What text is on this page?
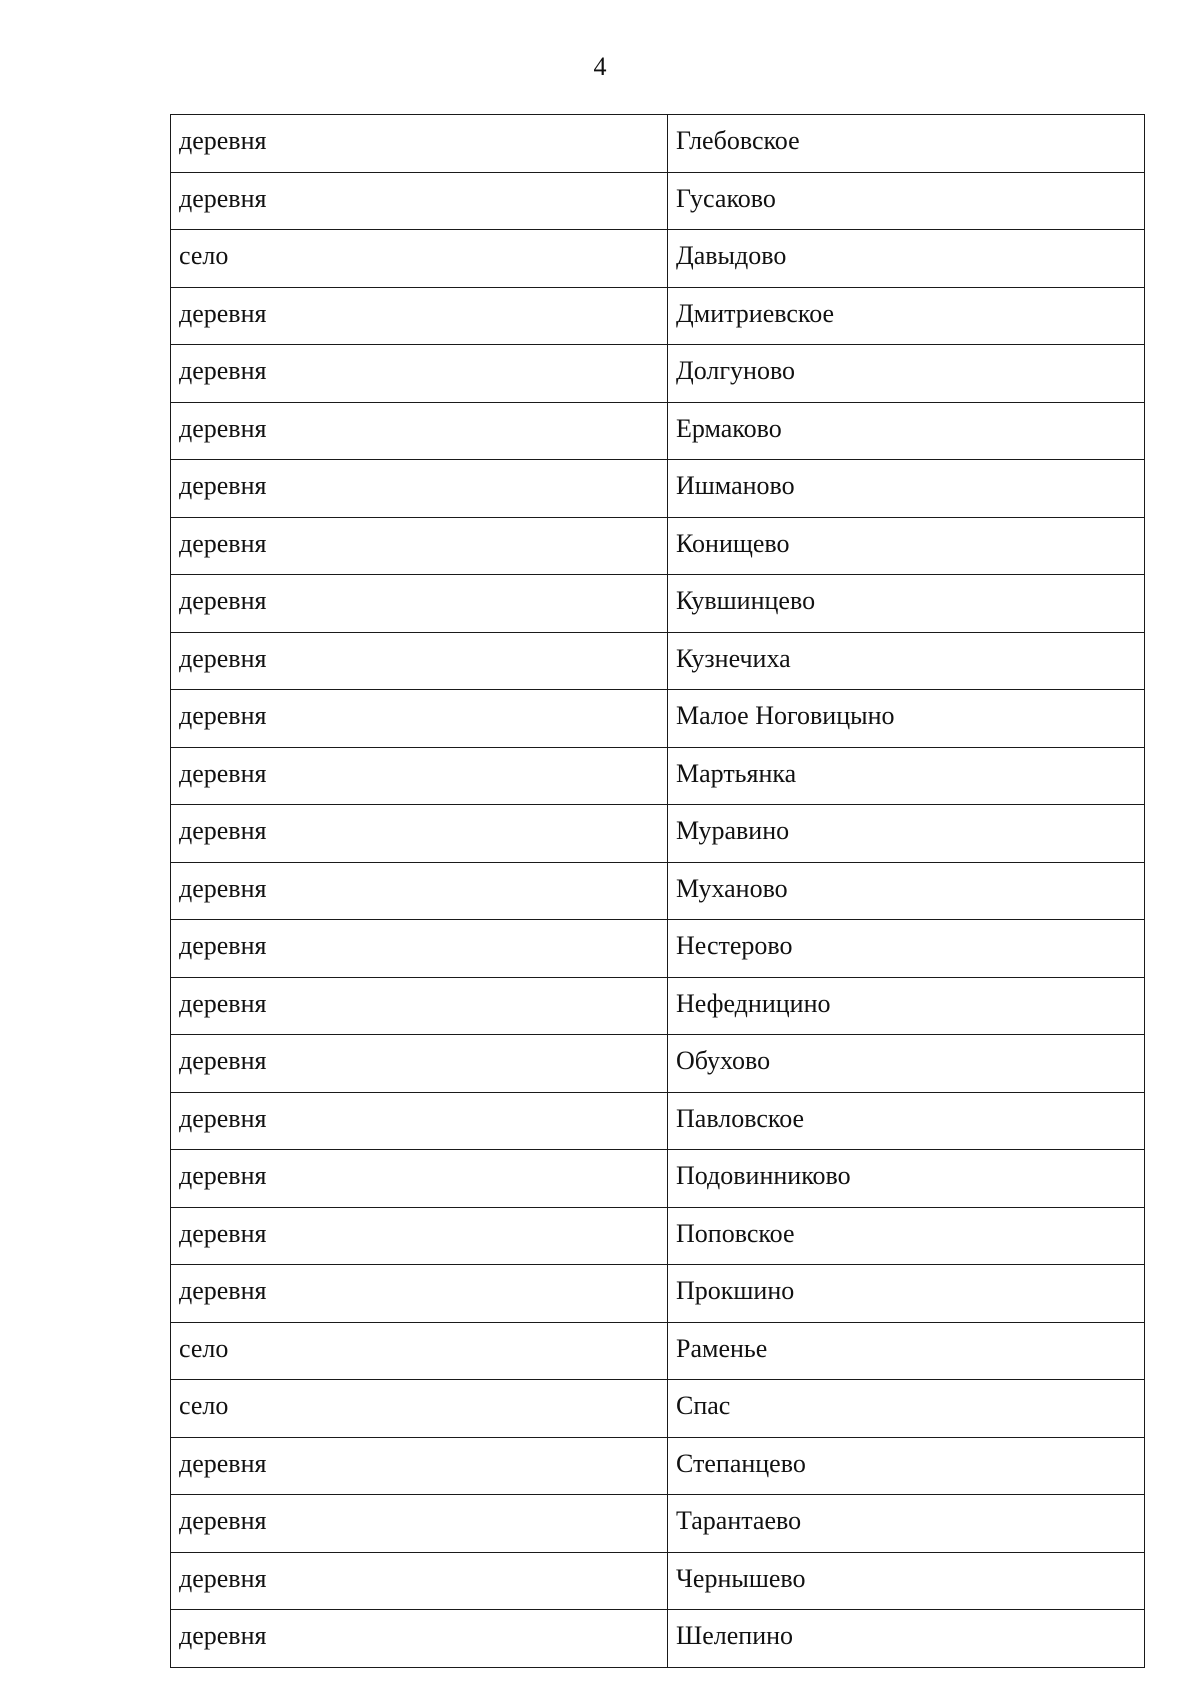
4
деревня	Глебовское
деревня	Гусаково
село	Давыдово
деревня	Дмитриевское
деревня	Долгуново
деревня	Ермаково
деревня	Ишманово
деревня	Конищево
деревня	Кувшинцево
деревня	Кузнечиха
деревня	Малое Ноговицыно
деревня	Мартьянка
деревня	Муравино
деревня	Муханово
деревня	Нестерово
деревня	Нефедницино
деревня	Обухово
деревня	Павловское
деревня	Подовинниково
деревня	Поповское
деревня	Прокшино
село	Раменье
село	Спас
деревня	Степанцево
деревня	Тарантаево
деревня	Чернышево
деревня	Шелепино
